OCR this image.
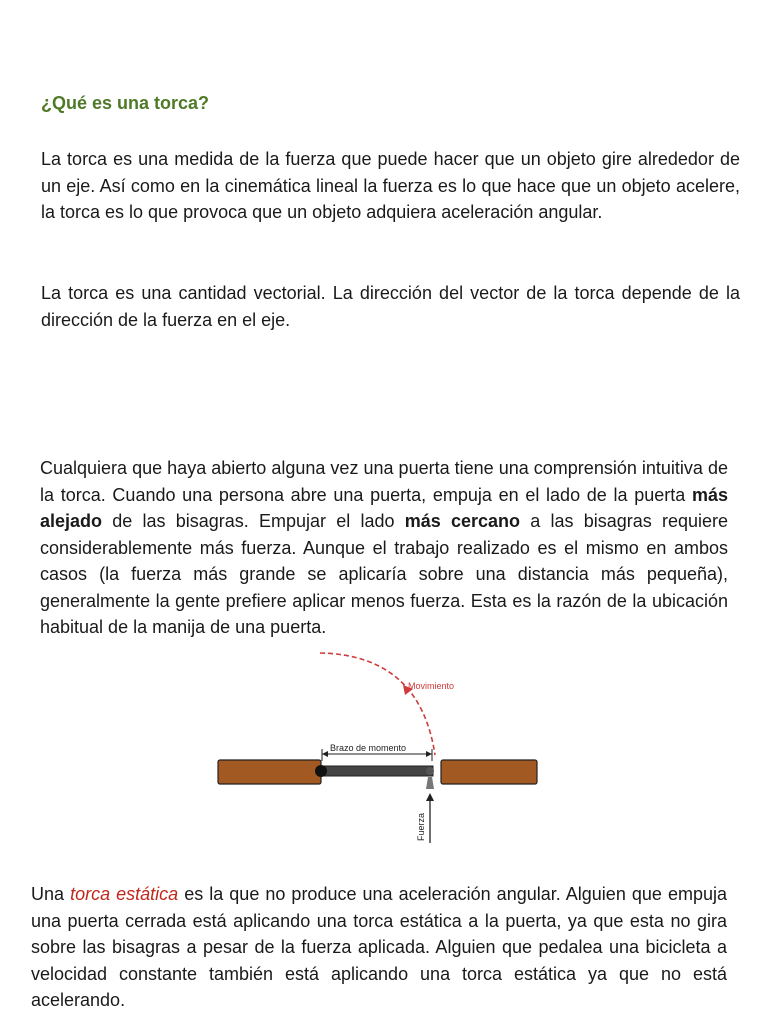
¿Qué es una torca?
La torca es una medida de la fuerza que puede hacer que un objeto gire alrededor de un eje. Así como en la cinemática lineal la fuerza es lo que hace que un objeto acelere, la torca es lo que provoca que un objeto adquiera aceleración angular.
La torca es una cantidad vectorial. La dirección del vector de la torca depende de la dirección de la fuerza en el eje.
Cualquiera que haya abierto alguna vez una puerta tiene una comprensión intuitiva de la torca. Cuando una persona abre una puerta, empuja en el lado de la puerta más alejado de las bisagras. Empujar el lado más cercano a las bisagras requiere considerablemente más fuerza. Aunque el trabajo realizado es el mismo en ambos casos (la fuerza más grande se aplicaría sobre una distancia más pequeña), generalmente la gente prefiere aplicar menos fuerza. Esta es la razón de la ubicación habitual de la manija de una puerta.
Movimiento
Brazo de momento
Fuerza
Una torca estática es la que no produce una aceleración angular. Alguien que empuja una puerta cerrada está aplicando una torca estática a la puerta, ya que esta no gira sobre las bisagras a pesar de la fuerza aplicada. Alguien que pedalea una bicicleta a velocidad constante también está aplicando una torca estática ya que no está acelerando.
